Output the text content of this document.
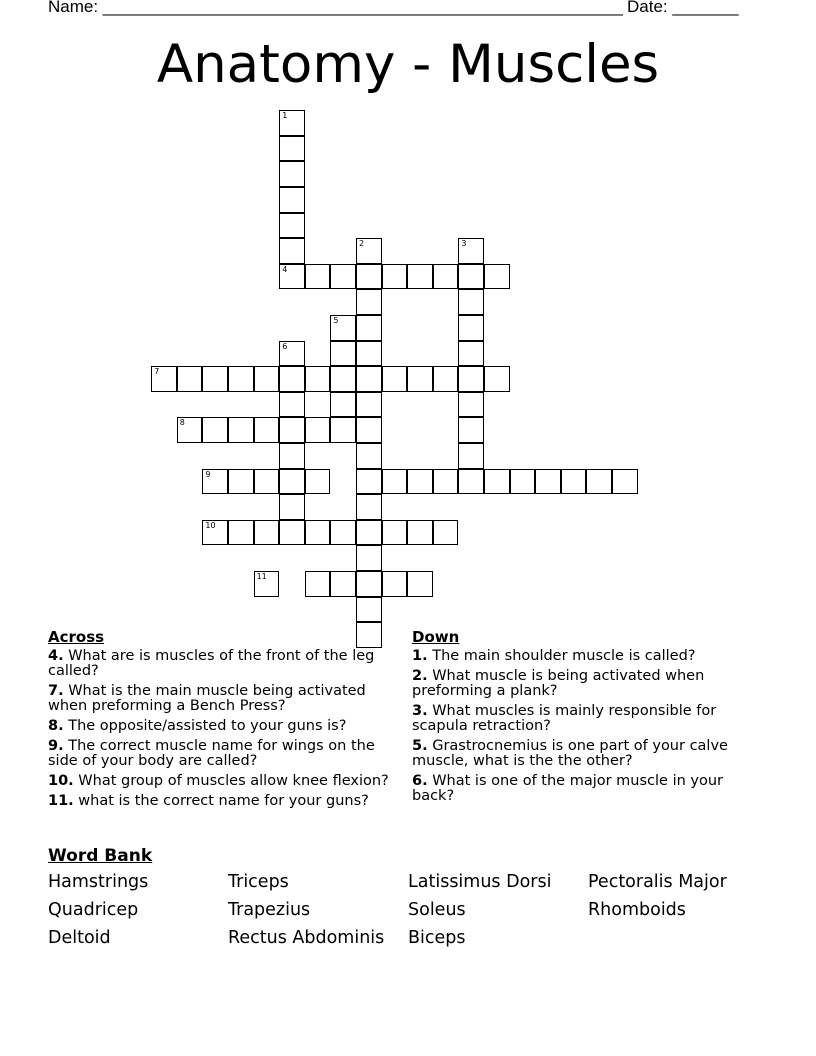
Name: _______________________________________________________ Date: _______
Anatomy - Muscles
1
2	3
4
5
6
7
8
9
10
11
Across
4. What are is muscles of the front of the leg called?
7. What is the main muscle being activated when preforming a Bench Press?
8. The opposite/assisted to your guns is?
9. The correct muscle name for wings on the side of your body are called?
10. What group of muscles allow knee flexion?
11. what is the correct name for your guns?
Down
1. The main shoulder muscle is called?
2. What muscle is being activated when preforming a plank?
3. What muscles is mainly responsible for scapula retraction?
5. Grastrocnemius is one part of your calve muscle, what is the the other?
6. What is one of the major muscle in your back?
Word Bank
Hamstrings
Quadricep
Deltoid
Triceps
Trapezius
Rectus Abdominis
Latissimus Dorsi
Soleus
Biceps
Pectoralis Major
Rhomboids
